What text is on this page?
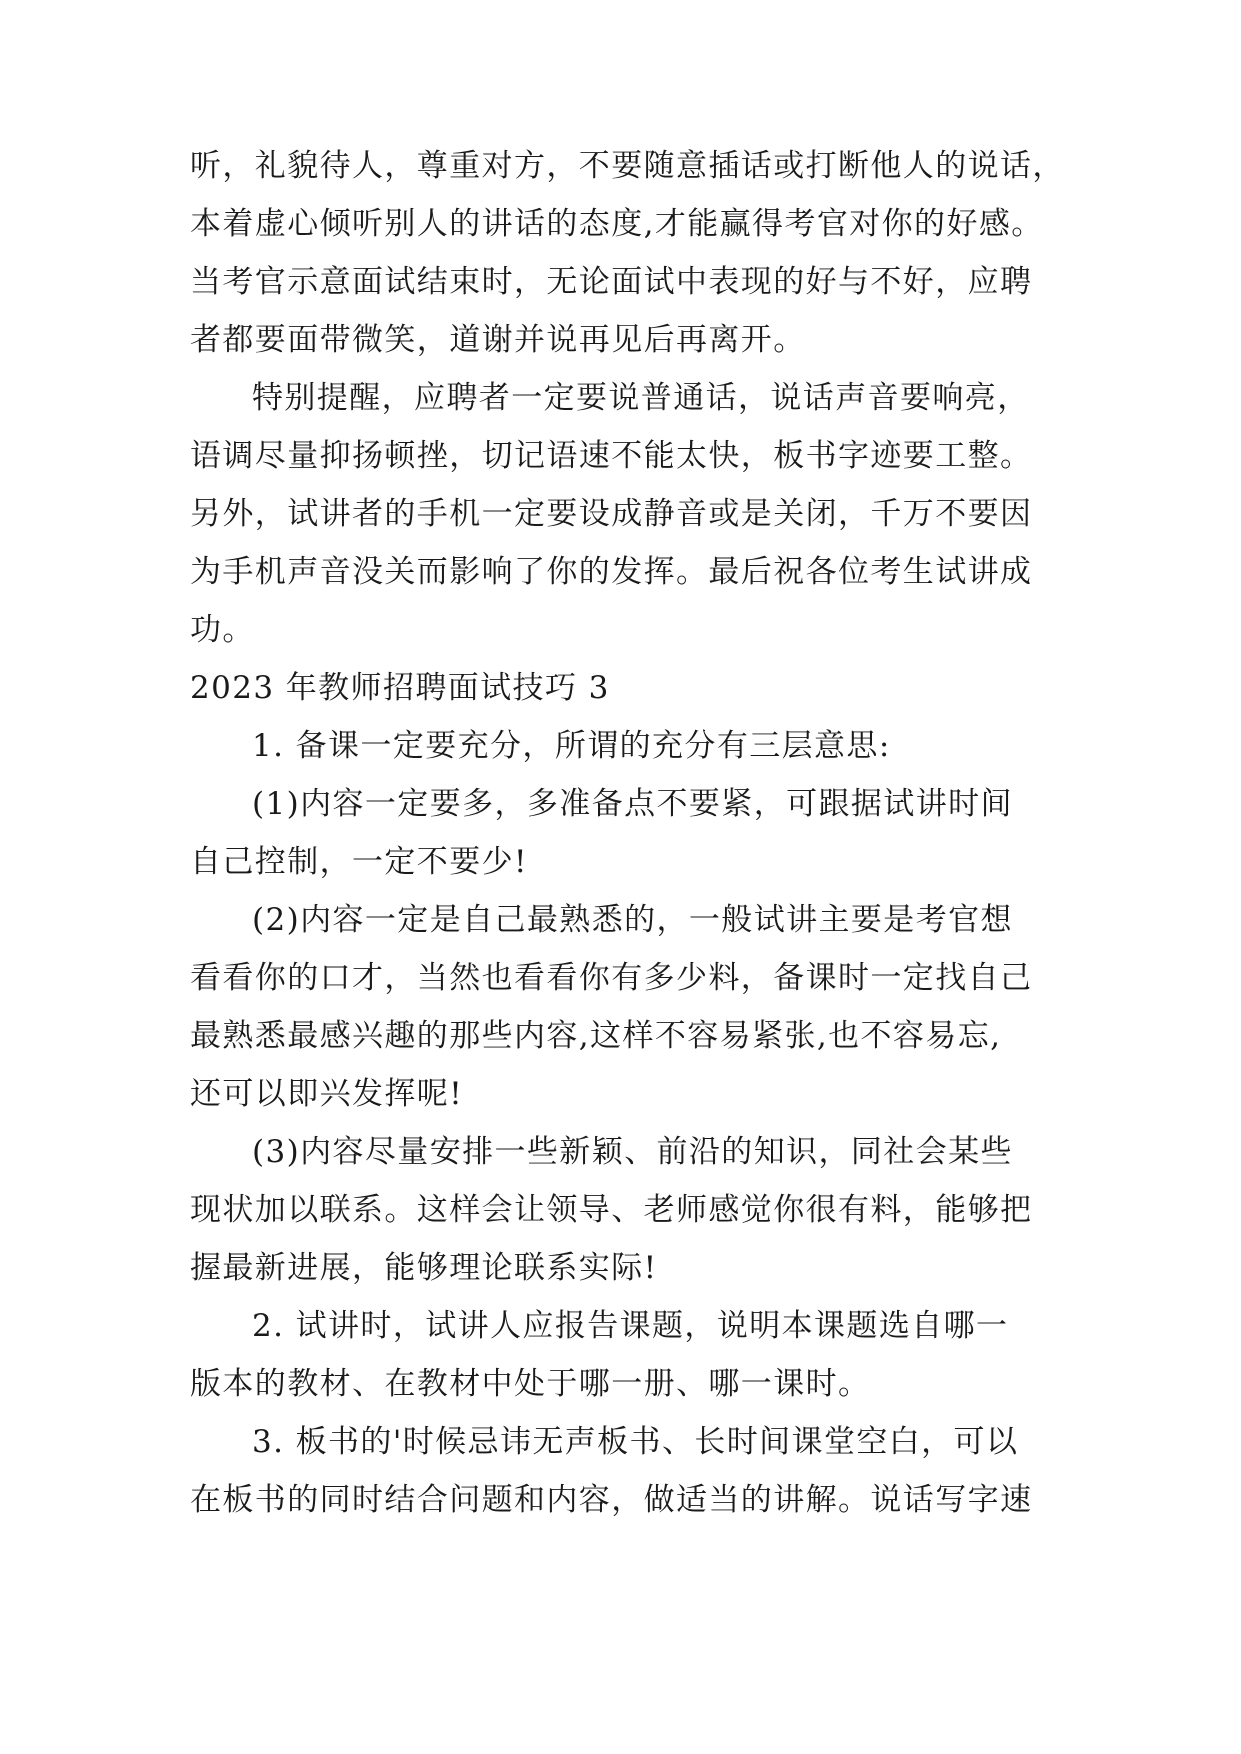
听，礼貌待人，尊重对方，不要随意插话或打断他人的说话，
本着虚心倾听别人的讲话的态度,才能赢得考官对你的好感。
当考官示意面试结束时，无论面试中表现的好与不好，应聘
者都要面带微笑，道谢并说再见后再离开。
特别提醒，应聘者一定要说普通话，说话声音要响亮，
语调尽量抑扬顿挫，切记语速不能太快，板书字迹要工整。
另外，试讲者的手机一定要设成静音或是关闭，千万不要因
为手机声音没关而影响了你的发挥。最后祝各位考生试讲成
功。
2023 年教师招聘面试技巧 3
1. 备课一定要充分，所谓的充分有三层意思:
(1)内容一定要多，多准备点不要紧，可跟据试讲时间
自己控制，一定不要少!
(2)内容一定是自己最熟悉的，一般试讲主要是考官想
看看你的口才，当然也看看你有多少料，备课时一定找自己
最熟悉最感兴趣的那些内容,这样不容易紧张,也不容易忘,
还可以即兴发挥呢!
(3)内容尽量安排一些新颖、前沿的知识，同社会某些
现状加以联系。这样会让领导、老师感觉你很有料，能够把
握最新进展，能够理论联系实际!
2. 试讲时，试讲人应报告课题，说明本课题选自哪一
版本的教材、在教材中处于哪一册、哪一课时。
3. 板书的'时候忌讳无声板书、长时间课堂空白，可以
在板书的同时结合问题和内容，做适当的讲解。说话写字速
